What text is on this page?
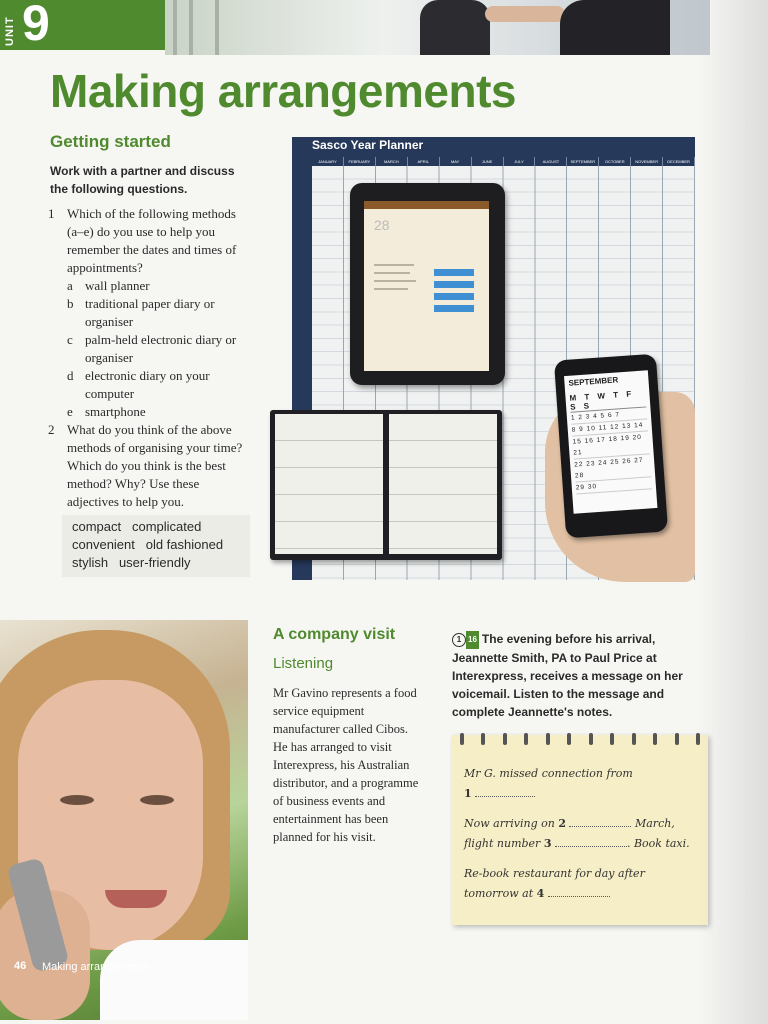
UNIT 9
Making arrangements
Getting started
Work with a partner and discuss the following questions.
1 Which of the following methods (a–e) do you use to help you remember the dates and times of appointments?
a wall planner
b traditional paper diary or organiser
c palm-held electronic diary or organiser
d electronic diary on your computer
e smartphone
2 What do you think of the above methods of organising your time? Which do you think is the best method? Why? Use these adjectives to help you.
compact   complicated
convenient   old fashioned
stylish   user-friendly
Sasco Year Planner
JANUARY	FEBRUARY	MARCH	APRIL	MAY	JUNE	JULY	AUGUST	SEPTEMBER	OCTOBER	NOVEMBER	DECEMBER
28
SEPTEMBER
M T W T F S S
1 2 3 4 5 6 7
8 9 10 11 12 13 14
15 16 17 18 19 20 21
22 23 24 25 26 27 28
29 30
46 Making arrangements
A company visit
Listening
Mr Gavino represents a food service equipment manufacturer called Cibos. He has arranged to visit Interexpress, his Australian distributor, and a programme of business events and entertainment has been planned for his visit.
1 16 The evening before his arrival, Jeannette Smith, PA to Paul Price at Interexpress, receives a message on her voicemail. Listen to the message and complete Jeannette's notes.
Mr G. missed connection from
1
Now arriving on 2	March,
flight number 3	. Book taxi.
Re-book restaurant for day after
tomorrow at 4
